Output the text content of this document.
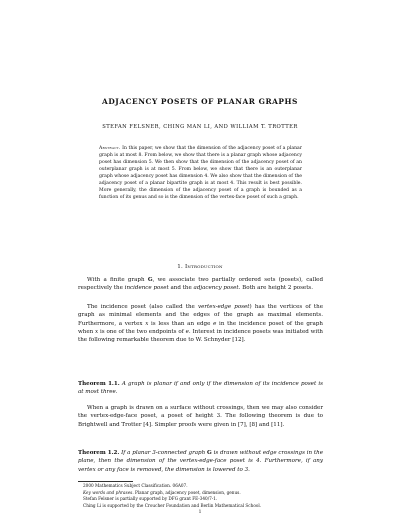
ADJACENCY POSETS OF PLANAR GRAPHS
STEFAN FELSNER, CHING MAN LI, AND WILLIAM T. TROTTER
Abstract. In this paper, we show that the dimension of the adjacency poset of a planar graph is at most 8. From below, we show that there is a planar graph whose adjacency poset has dimension 5. We then show that the dimension of the adjacency poset of an outerplanar graph is at most 5. From below, we show that there is an outerplanar graph whose adjacency poset has dimension 4. We also show that the dimension of the adjacency poset of a planar bipartite graph is at most 4. This result is best possible. More generally, the dimension of the adjacency poset of a graph is bounded as a function of its genus and so is the dimension of the vertex-face poset of such a graph.
1. Introduction
With a finite graph G, we associate two partially ordered sets (posets), called respectively the incidence poset and the adjacency poset. Both are height 2 posets.
The incidence poset (also called the vertex-edge poset) has the vertices of the graph as minimal elements and the edges of the graph as maximal elements. Furthermore, a vertex x is less than an edge e in the incidence poset of the graph when x is one of the two endpoints of e. Interest in incidence posets was initiated with the following remarkable theorem due to W. Schnyder [12].
Theorem 1.1. A graph is planar if and only if the dimension of its incidence poset is at most three.
When a graph is drawn on a surface without crossings, then we may also consider the vertex-edge-face poset, a poset of height 3. The following theorem is due to Brightwell and Trotter [4]. Simpler proofs were given in [7], [8] and [11].
Theorem 1.2. If a planar 3-connected graph G is drawn without edge crossings in the plane, then the dimension of the vertex-edge-face poset is 4. Furthermore, if any vertex or any face is removed, the dimension is lowered to 3.
2000 Mathematics Subject Classification. 06A07.
Key words and phrases. Planar graph, adjacency poset, dimension, genus.
Stefan Felsner is partially supported by DFG grant FE-340/7-1.
Ching Li is supported by the Croucher Foundation and Berlin Mathematical School.
1
